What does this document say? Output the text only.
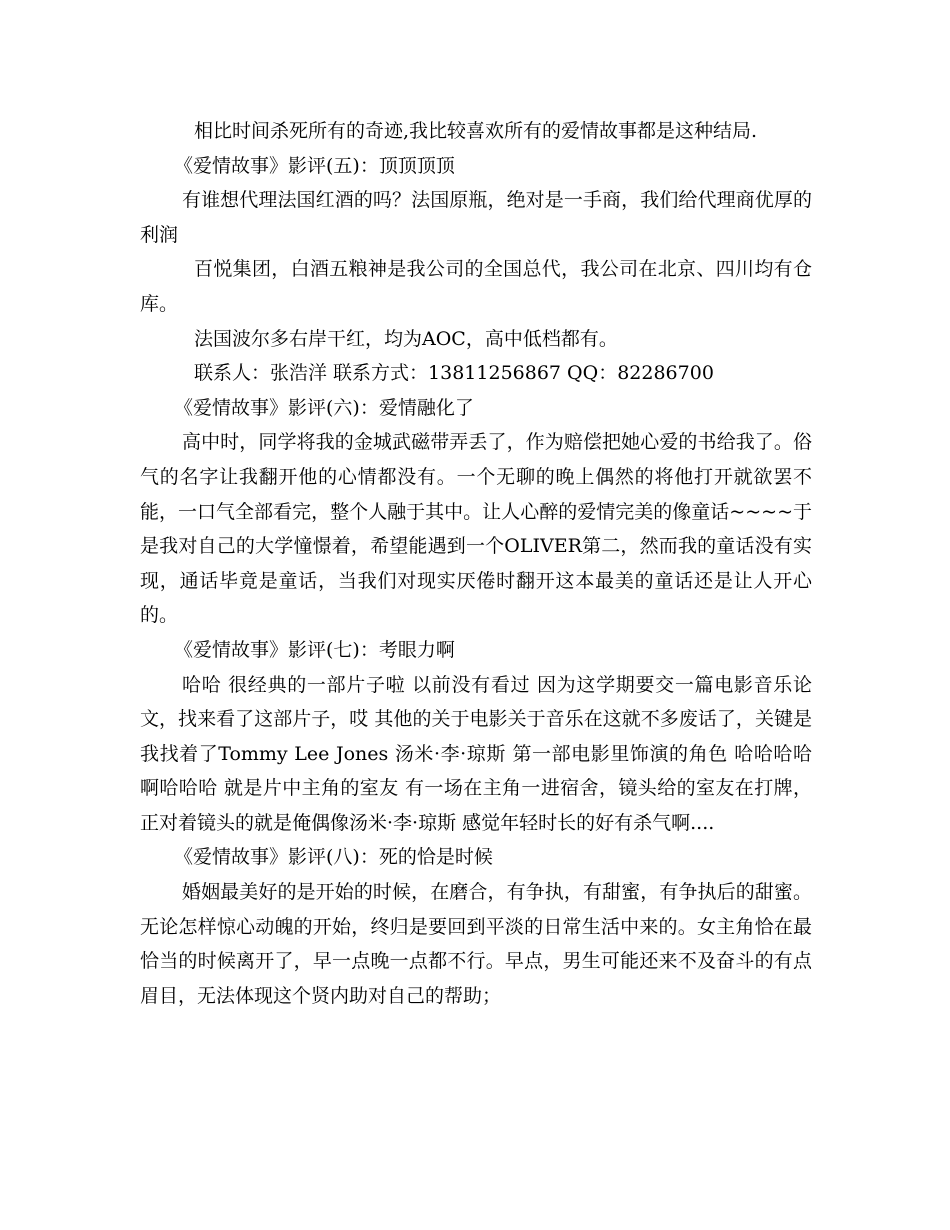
相比时间杀死所有的奇迹,我比较喜欢所有的爱情故事都是这种结局.

《爱情故事》影评(五)：顶顶顶顶

有谁想代理法国红酒的吗？法国原瓶，绝对是一手商，我们给代理商优厚的利润

百悦集团，白酒五粮神是我公司的全国总代，我公司在北京、四川均有仓库。

法国波尔多右岸干红，均为AOC，高中低档都有。

联系人：张浩洋 联系方式：13811256867 QQ：82286700

《爱情故事》影评(六)：爱情融化了

高中时，同学将我的金城武磁带弄丢了，作为赔偿把她心爱的书给我了。俗气的名字让我翻开他的心情都没有。一个无聊的晚上偶然的将他打开就欲罢不能，一口气全部看完，整个人融于其中。让人心醉的爱情完美的像童话~~~~于是我对自己的大学憧憬着，希望能遇到一个OLIVER第二，然而我的童话没有实现，通话毕竟是童话，当我们对现实厌倦时翻开这本最美的童话还是让人开心的。

《爱情故事》影评(七)：考眼力啊

哈哈 很经典的一部片子啦 以前没有看过 因为这学期要交一篇电影音乐论文，找来看了这部片子，哎 其他的关于电影关于音乐在这就不多废话了，关键是我找着了Tommy Lee Jones 汤米·李·琼斯 第一部电影里饰演的角色 哈哈哈哈啊哈哈哈 就是片中主角的室友 有一场在主角一进宿舍，镜头给的室友在打牌，正对着镜头的就是俺偶像汤米·李·琼斯 感觉年轻时长的好有杀气啊....

《爱情故事》影评(八)：死的恰是时候

婚姻最美好的是开始的时候，在磨合，有争执，有甜蜜，有争执后的甜蜜。无论怎样惊心动魄的开始，终归是要回到平淡的日常生活中来的。女主角恰在最恰当的时候离开了，早一点晚一点都不行。早点，男生可能还来不及奋斗的有点眉目，无法体现这个贤内助对自己的帮助；
